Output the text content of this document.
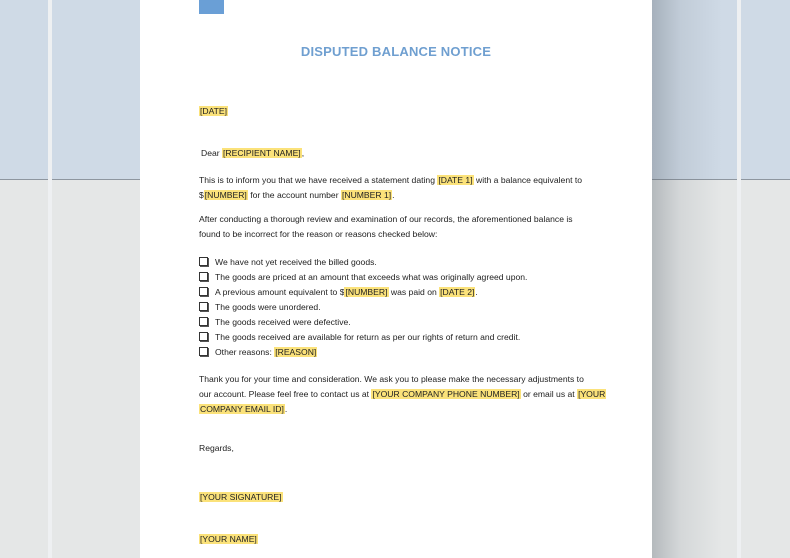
DISPUTED BALANCE NOTICE
[DATE]
Dear [RECIPIENT NAME],
This is to inform you that we have received a statement dating [DATE 1] with a balance equivalent to
$[NUMBER] for the account number [NUMBER 1].
After conducting a thorough review and examination of our records, the aforementioned balance is
found to be incorrect for the reason or reasons checked below:
We have not yet received the billed goods.
The goods are priced at an amount that exceeds what was originally agreed upon.
A previous amount equivalent to $[NUMBER] was paid on [DATE 2].
The goods were unordered.
The goods received were defective.
The goods received are available for return as per our rights of return and credit.
Other reasons: [REASON]
Thank you for your time and consideration. We ask you to please make the necessary adjustments to
our account. Please feel free to contact us at [YOUR COMPANY PHONE NUMBER] or email us at [YOUR
COMPANY EMAIL ID].
Regards,
[YOUR SIGNATURE]
[YOUR NAME]
